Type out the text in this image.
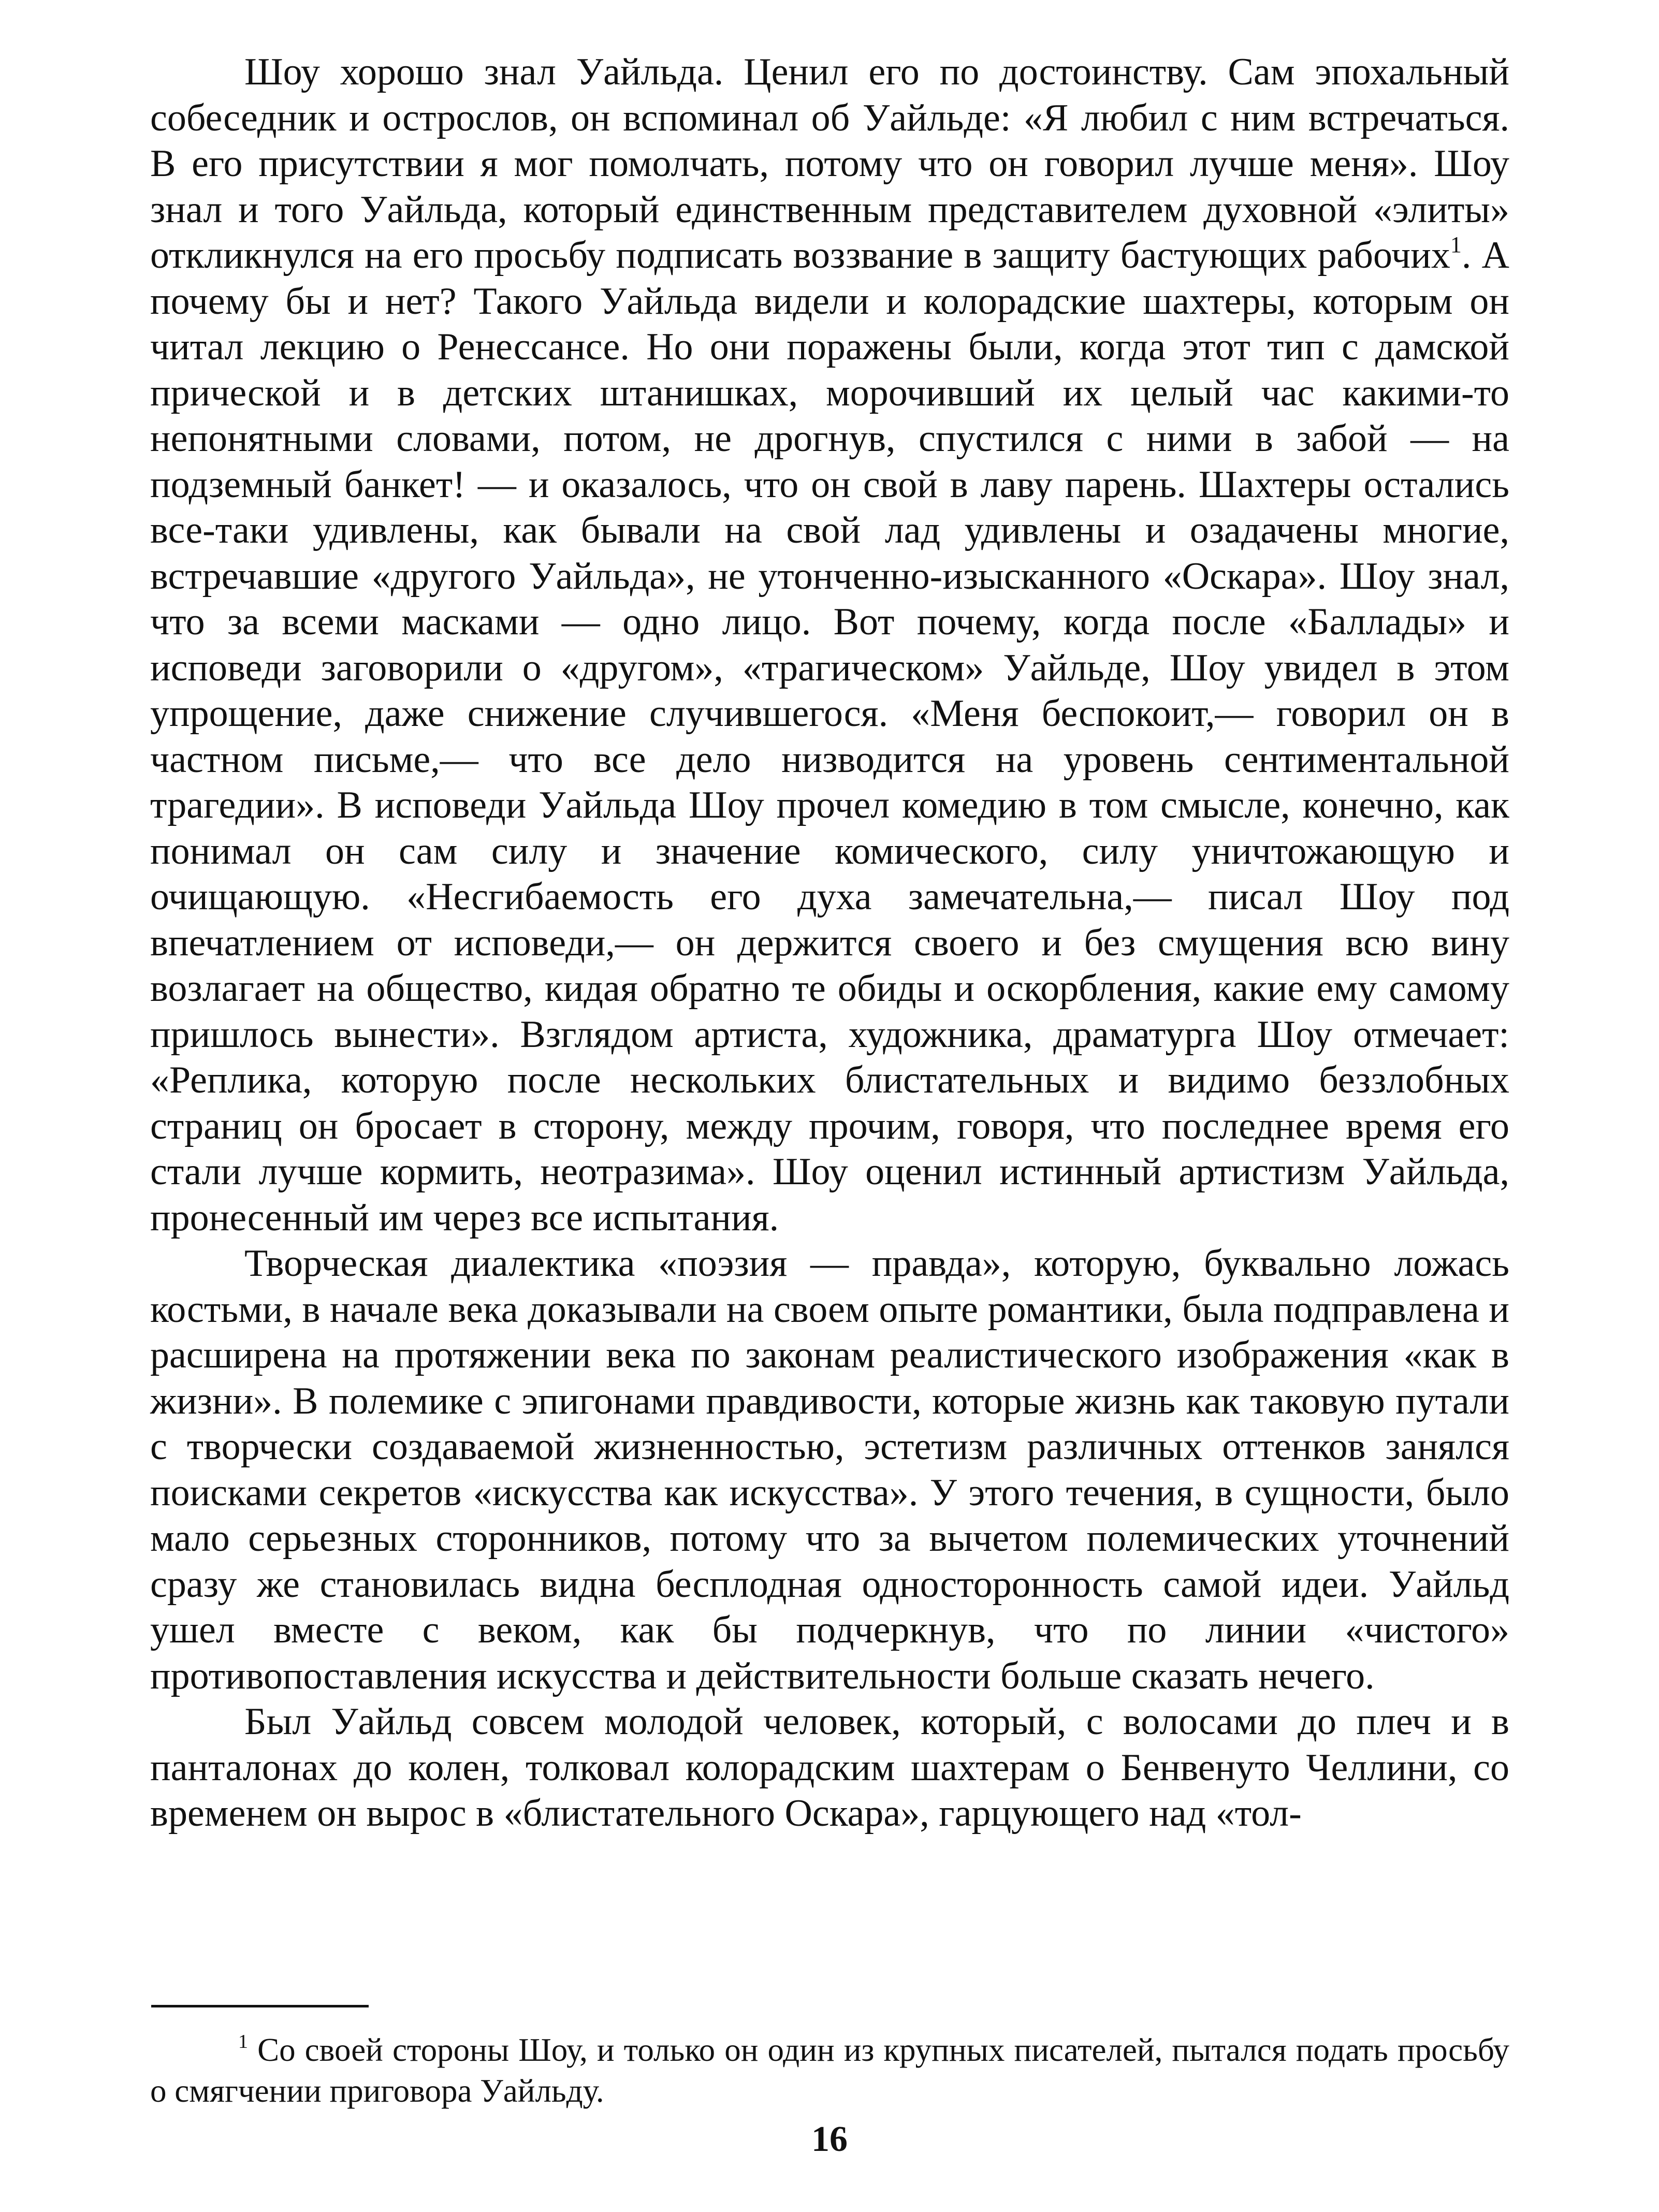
Шоу хорошо знал Уайльда. Ценил его по достоинству. Сам эпохальный собеседник и остроcлов, он вспоминал об Уайльде: «Я любил с ним встречаться. В его присутствии я мог помолчать, потому что он говорил лучше меня». Шоу знал и того Уайльда, который единственным представителем духовной «элиты» откликнулся на его просьбу подписать воззвание в защиту бастующих рабочих$^1$. А почему бы и нет? Такого Уайльда видели и колорадские шахтеры, которым он читал лекцию о Ренессансе. Но они поражены были, когда этот тип с дамской прической и в детских штанишках, морочивший их целый час какими-то непонятными словами, потом, не дрогнув, спустился с ними в забой — на подземный банкет! — и оказалось, что он свой в лаву парень. Шахтеры остались все-таки удивлены, как бывали на свой лад удивлены и озадачены многие, встречавшие «другого Уайльда», не утонченно-изысканного «Оскара». Шоу знал, что за всеми масками — одно лицо. Вот почему, когда после «Баллады» и исповеди заговорили о «другом», «трагическом» Уайльде, Шоу увидел в этом упрощение, даже снижение случившегося. «Меня беспокоит,— говорил он в частном письме,— что все дело низводится на уровень сентиментальной трагедии». В исповеди Уайльда Шоу прочел комедию в том смысле, конечно, как понимал он сам силу и значение комического, силу уничтожающую и очищающую. «Несгибаемость его духа замечательна,— писал Шоу под впечатлением от исповеди,— он держится своего и без смущения всю вину возлагает на общество, кидая обратно те обиды и оскорбления, какие ему самому пришлось вынести». Взглядом артиста, художника, драматурга Шоу отмечает: «Реплика, которую после нескольких блистательных и видимо беззлобных страниц он бросает в сторону, между прочим, говоря, что последнее время его стали лучше кормить, неотразима». Шоу оценил истинный артистизм Уайльда, пронесенный им через все испытания.

Творческая диалектика «поэзия — правда», которую, буквально ложась костьми, в начале века доказывали на своем опыте романтики, была подправлена и расширена на протяжении века по законам реалистического изображения «как в жизни». В полемике с эпигонами правдивости, которые жизнь как таковую путали с творчески создаваемой жизненностью, эстетизм различных оттенков занялся поисками секретов «искусства как искусства». У этого течения, в сущности, было мало серьезных сторонников, потому что за вычетом полемических уточнений сразу же становилась видна бесплодная односторонность самой идеи. Уайльд ушел вместе с веком, как бы подчеркнув, что по линии «чистого» противопоставления искусства и действительности больше сказать нечего.

Был Уайльд совсем молодой человек, который, с волосами до плеч и в панталонах до колен, толковал колорадским шахтерам о Бенвенуто Челлини, со временем он вырос в «блистательного Оскара», гарцующего над «тол-

$^1$ Со своей стороны Шоу, и только он один из крупных писателей, пытался подать просьбу о смягчении приговора Уайльду.

16
